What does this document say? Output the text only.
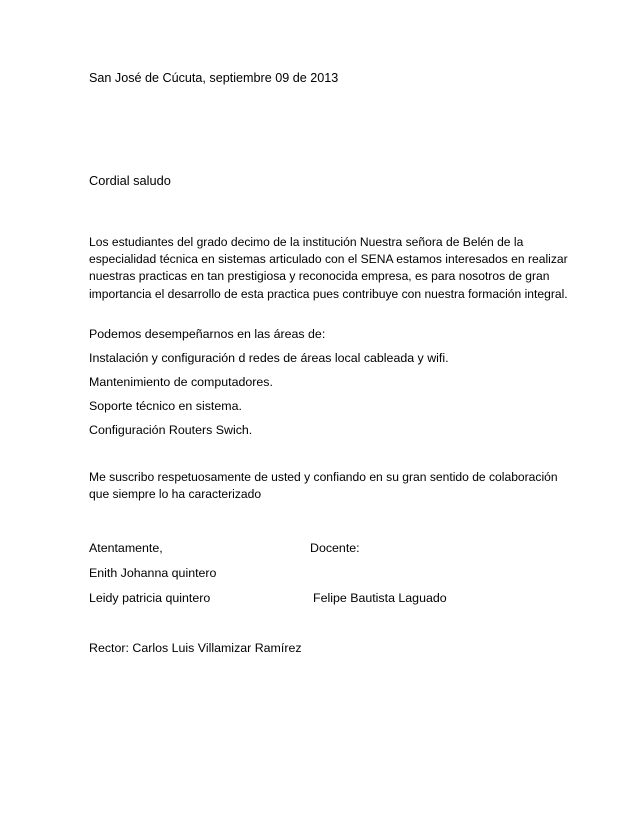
San José de Cúcuta, septiembre 09 de 2013
Cordial saludo
Los estudiantes del grado decimo de la institución Nuestra señora de Belén de la
especialidad técnica en sistemas articulado con el SENA estamos interesados en realizar
nuestras practicas en tan prestigiosa y reconocida empresa, es para nosotros de gran
importancia el desarrollo de esta practica pues contribuye con nuestra formación integral.
Podemos desempeñarnos en las áreas de:
Instalación y configuración d redes de áreas local cableada y wifi.
Mantenimiento de computadores.
Soporte técnico en sistema.
Configuración Routers Swich.
Me suscribo respetuosamente de usted y confiando en su gran sentido de colaboración
que siempre lo ha caracterizado
Atentamente,	Docente:
Enith Johanna quintero
Leidy patricia quintero	Felipe Bautista Laguado
Rector: Carlos Luis Villamizar Ramírez
